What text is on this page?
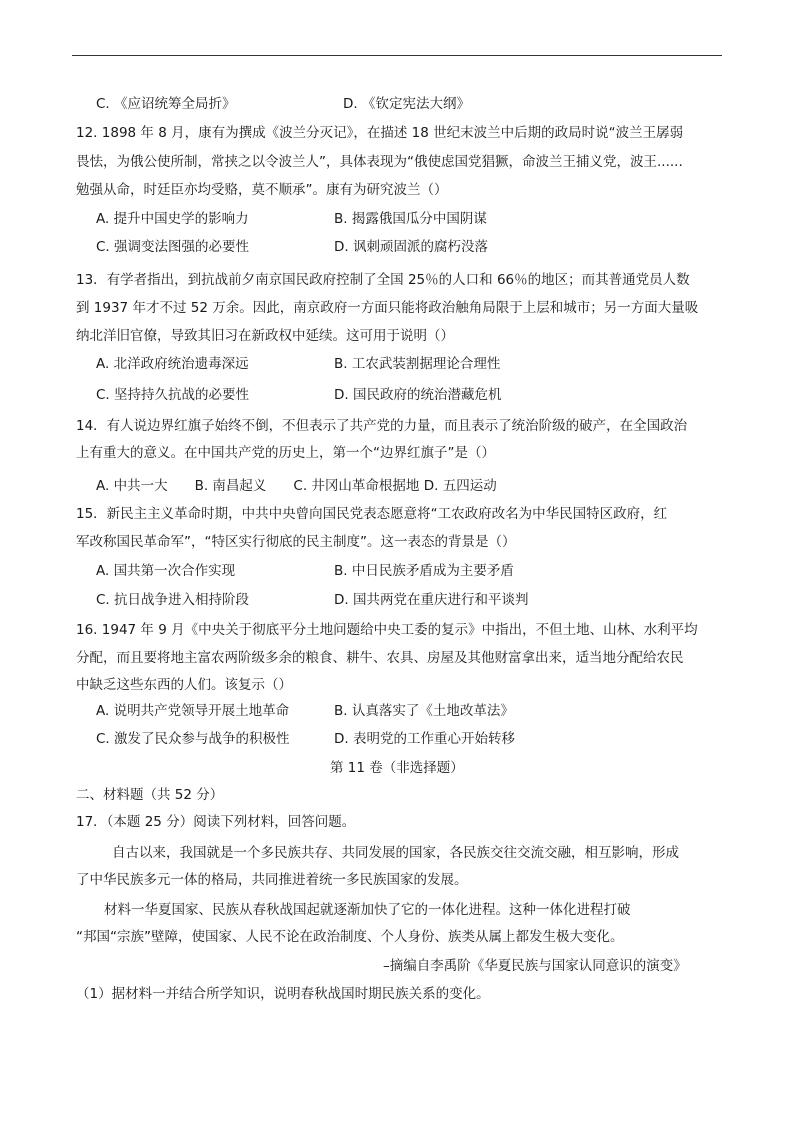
C. 《应诏统筹全局折》	D. 《钦定宪法大纲》
12. 1898 年 8 月，康有为撰成《波兰分灭记》，在描述 18 世纪末波兰中后期的政局时说“波兰王孱弱
畏怯，为俄公使所制，常挟之以令波兰人”，具体表现为“俄使虑国党猖獗，命波兰王捕义党，波王......
勉强从命，时廷臣亦均受赂，莫不顺承”。康有为研究波兰（）
A. 提升中国史学的影响力	B. 揭露俄国瓜分中国阴谋
C. 强调变法图强的必要性	D. 讽刺顽固派的腐朽没落
13．有学者指出，到抗战前夕南京国民政府控制了全国 25％的人口和 66％的地区；而其普通党员人数
到 1937 年才不过 52 万余。因此，南京政府一方面只能将政治触角局限于上层和城市；另一方面大量吸
纳北洋旧官僚，导致其旧习在新政权中延续。这可用于说明（）
A. 北洋政府统治遗毒深远	B. 工农武装割据理论合理性
C. 坚持持久抗战的必要性	D. 国民政府的统治潜藏危机
14．有人说边界红旗子始终不倒，不但表示了共产党的力量，而且表示了统治阶级的破产，在全国政治
上有重大的意义。在中国共产党的历史上，第一个“边界红旗子”是（）
A. 中共一大　　B. 南昌起义　　C. 井冈山革命根据地 D. 五四运动
15．新民主主义革命时期，中共中央曾向国民党表态愿意将“工农政府改名为中华民国特区政府，红
军改称国民革命军”，“特区实行彻底的民主制度”。这一表态的背景是（）
A. 国共第一次合作实现	B. 中日民族矛盾成为主要矛盾
C. 抗日战争进入相持阶段	D. 国共两党在重庆进行和平谈判
16. 1947 年 9 月《中央关于彻底平分土地问题给中央工委的复示》中指出，不但土地、山林、水利平均
分配，而且要将地主富农两阶级多余的粮食、耕牛、农具、房屋及其他财富拿出来，适当地分配给农民
中缺乏这些东西的人们。该复示（）
A. 说明共产党领导开展土地革命	B. 认真落实了《土地改革法》
C. 激发了民众参与战争的积极性	D. 表明党的工作重心开始转移
第 11 卷（非选择题）
二、材料题（共 52 分）
17．（本题 25 分）阅读下列材料，回答问题。
自古以来，我国就是一个多民族共存、共同发展的国家，各民族交往交流交融，相互影响，形成
了中华民族多元一体的格局，共同推进着统一多民族国家的发展。
材料一华夏国家、民族从春秋战国起就逐渐加快了它的一体化进程。这种一体化进程打破
“邦国“宗族”壁障，使国家、人民不论在政治制度、个人身份、族类从属上都发生极大变化。
–摘编自李禹阶《华夏民族与国家认同意识的演变》
（1）据材料一并结合所学知识，说明春秋战国时期民族关系的变化。
